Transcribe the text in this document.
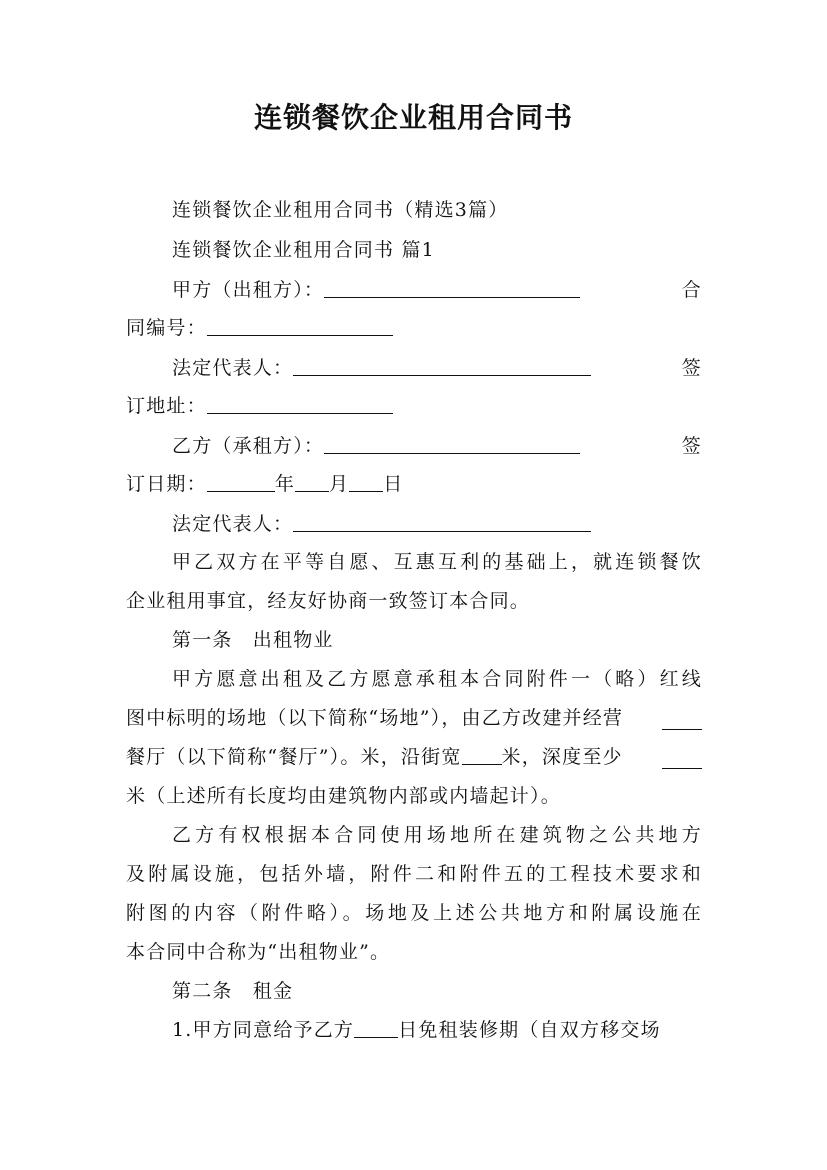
连锁餐饮企业租用合同书
连锁餐饮企业租用合同书（精选3篇）
连锁餐饮企业租用合同书 篇1
甲方（出租方）：	合
同编号：
法定代表人：	签
订地址：
乙方（承租方）：	签
订日期：	年 月 日
法定代表人：
甲乙双方在平等自愿、互惠互利的基础上，就连锁餐饮
企业租用事宜，经友好协商一致签订本合同。
第一条　出租物业
甲方愿意出租及乙方愿意承租本合同附件一（略）红线
图中标明的场地（以下简称“场地”），由乙方改建并经营
餐厅（以下简称“餐厅”）。米，沿街宽 米，深度至少
米（上述所有长度均由建筑物内部或内墙起计）。
乙方有权根据本合同使用场地所在建筑物之公共地方
及附属设施，包括外墙，附件二和附件五的工程技术要求和
附图的内容（附件略）。场地及上述公共地方和附属设施在
本合同中合称为“出租物业”。
第二条　租金
1.甲方同意给予乙方 日免租装修期（自双方移交场
